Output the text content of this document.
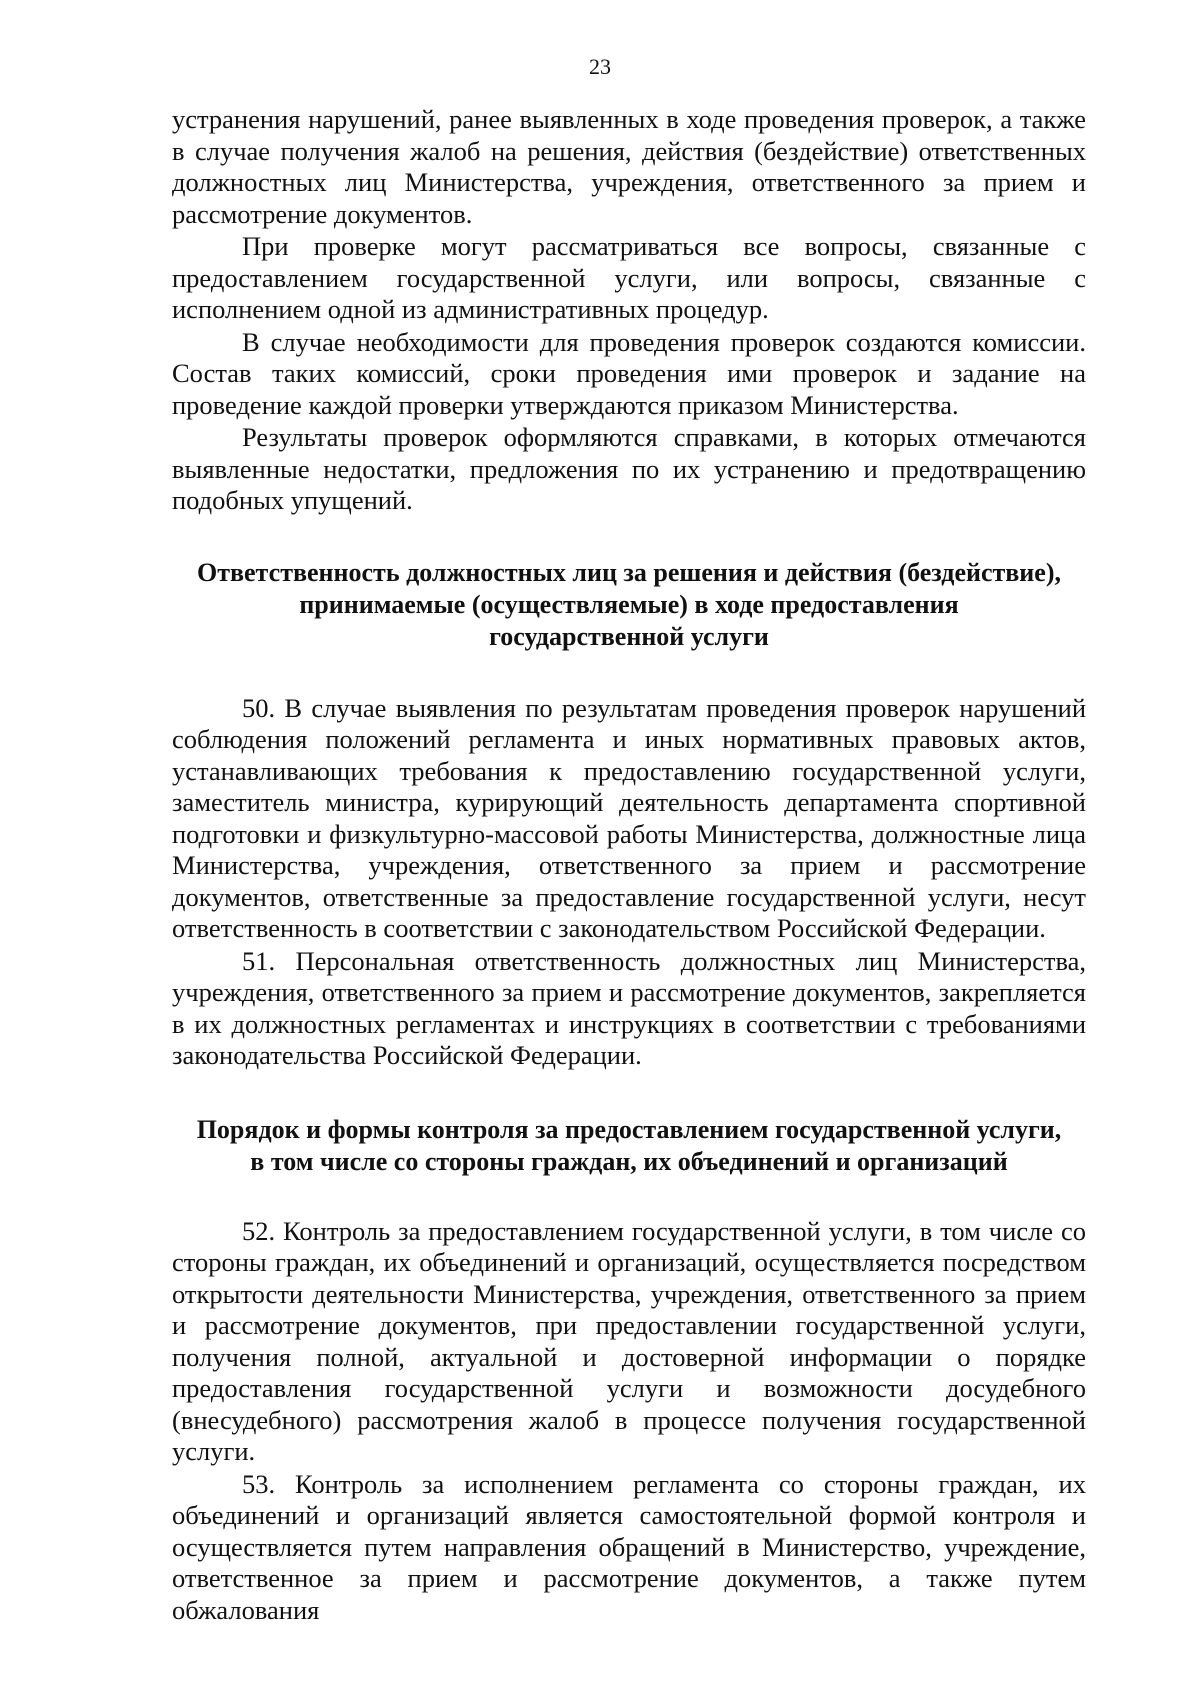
23

устранения нарушений, ранее выявленных в ходе проведения проверок, а также в случае получения жалоб на решения, действия (бездействие) ответственных должностных лиц Министерства, учреждения, ответственного за прием и рассмотрение документов.

При проверке могут рассматриваться все вопросы, связанные с предоставлением государственной услуги, или вопросы, связанные с исполнением одной из административных процедур.

В случае необходимости для проведения проверок создаются комиссии. Состав таких комиссий, сроки проведения ими проверок и задание на проведение каждой проверки утверждаются приказом Министерства.

Результаты проверок оформляются справками, в которых отмечаются выявленные недостатки, предложения по их устранению и предотвращению подобных упущений.

Ответственность должностных лиц за решения и действия (бездействие),
принимаемые (осуществляемые) в ходе предоставления
государственной услуги

50. В случае выявления по результатам проведения проверок нарушений соблюдения положений регламента и иных нормативных правовых актов, устанавливающих требования к предоставлению государственной услуги, заместитель министра, курирующий деятельность департамента спортивной подготовки и физкультурно-массовой работы Министерства, должностные лица Министерства, учреждения, ответственного за прием и рассмотрение документов, ответственные за предоставление государственной услуги, несут ответственность в соответствии с законодательством Российской Федерации.

51. Персональная ответственность должностных лиц Министерства, учреждения, ответственного за прием и рассмотрение документов, закрепляется в их должностных регламентах и инструкциях в соответствии с требованиями законодательства Российской Федерации.

Порядок и формы контроля за предоставлением государственной услуги,
в том числе со стороны граждан, их объединений и организаций

52. Контроль за предоставлением государственной услуги, в том числе со стороны граждан, их объединений и организаций, осуществляется посредством открытости деятельности Министерства, учреждения, ответственного за прием и рассмотрение документов, при предоставлении государственной услуги, получения полной, актуальной и достоверной информации о порядке предоставления государственной услуги и возможности досудебного (внесудебного) рассмотрения жалоб в процессе получения государственной услуги.

53. Контроль за исполнением регламента со стороны граждан, их объединений и организаций является самостоятельной формой контроля и осуществляется путем направления обращений в Министерство, учреждение, ответственное за прием и рассмотрение документов, а также путем обжалования
